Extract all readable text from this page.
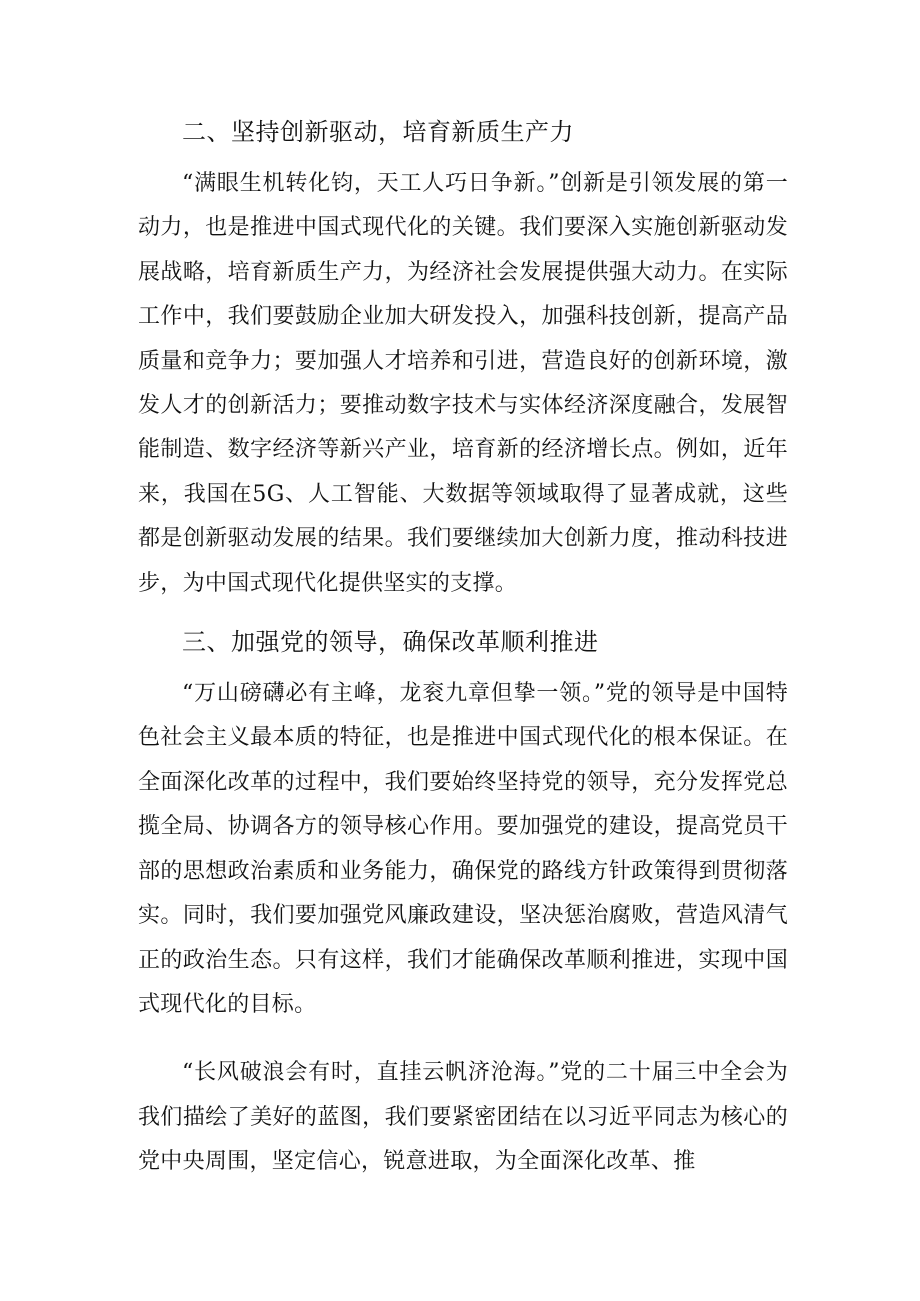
二、坚持创新驱动，培育新质生产力

“满眼生机转化钧，天工人巧日争新。”创新是引领发展的第一动力，也是推进中国式现代化的关键。我们要深入实施创新驱动发展战略，培育新质生产力，为经济社会发展提供强大动力。在实际工作中，我们要鼓励企业加大研发投入，加强科技创新，提高产品质量和竞争力；要加强人才培养和引进，营造良好的创新环境，激发人才的创新活力；要推动数字技术与实体经济深度融合，发展智能制造、数字经济等新兴产业，培育新的经济增长点。例如，近年来，我国在5G、人工智能、大数据等领域取得了显著成就，这些都是创新驱动发展的结果。我们要继续加大创新力度，推动科技进步，为中国式现代化提供坚实的支撑。

三、加强党的领导，确保改革顺利推进

“万山磅礴必有主峰，龙衮九章但挚一领。”党的领导是中国特色社会主义最本质的特征，也是推进中国式现代化的根本保证。在全面深化改革的过程中，我们要始终坚持党的领导，充分发挥党总揽全局、协调各方的领导核心作用。要加强党的建设，提高党员干部的思想政治素质和业务能力，确保党的路线方针政策得到贯彻落实。同时，我们要加强党风廉政建设，坚决惩治腐败，营造风清气正的政治生态。只有这样，我们才能确保改革顺利推进，实现中国式现代化的目标。

“长风破浪会有时，直挂云帆济沧海。”党的二十届三中全会为我们描绘了美好的蓝图，我们要紧密团结在以习近平同志为核心的党中央周围，坚定信心，锐意进取，为全面深化改革、推
